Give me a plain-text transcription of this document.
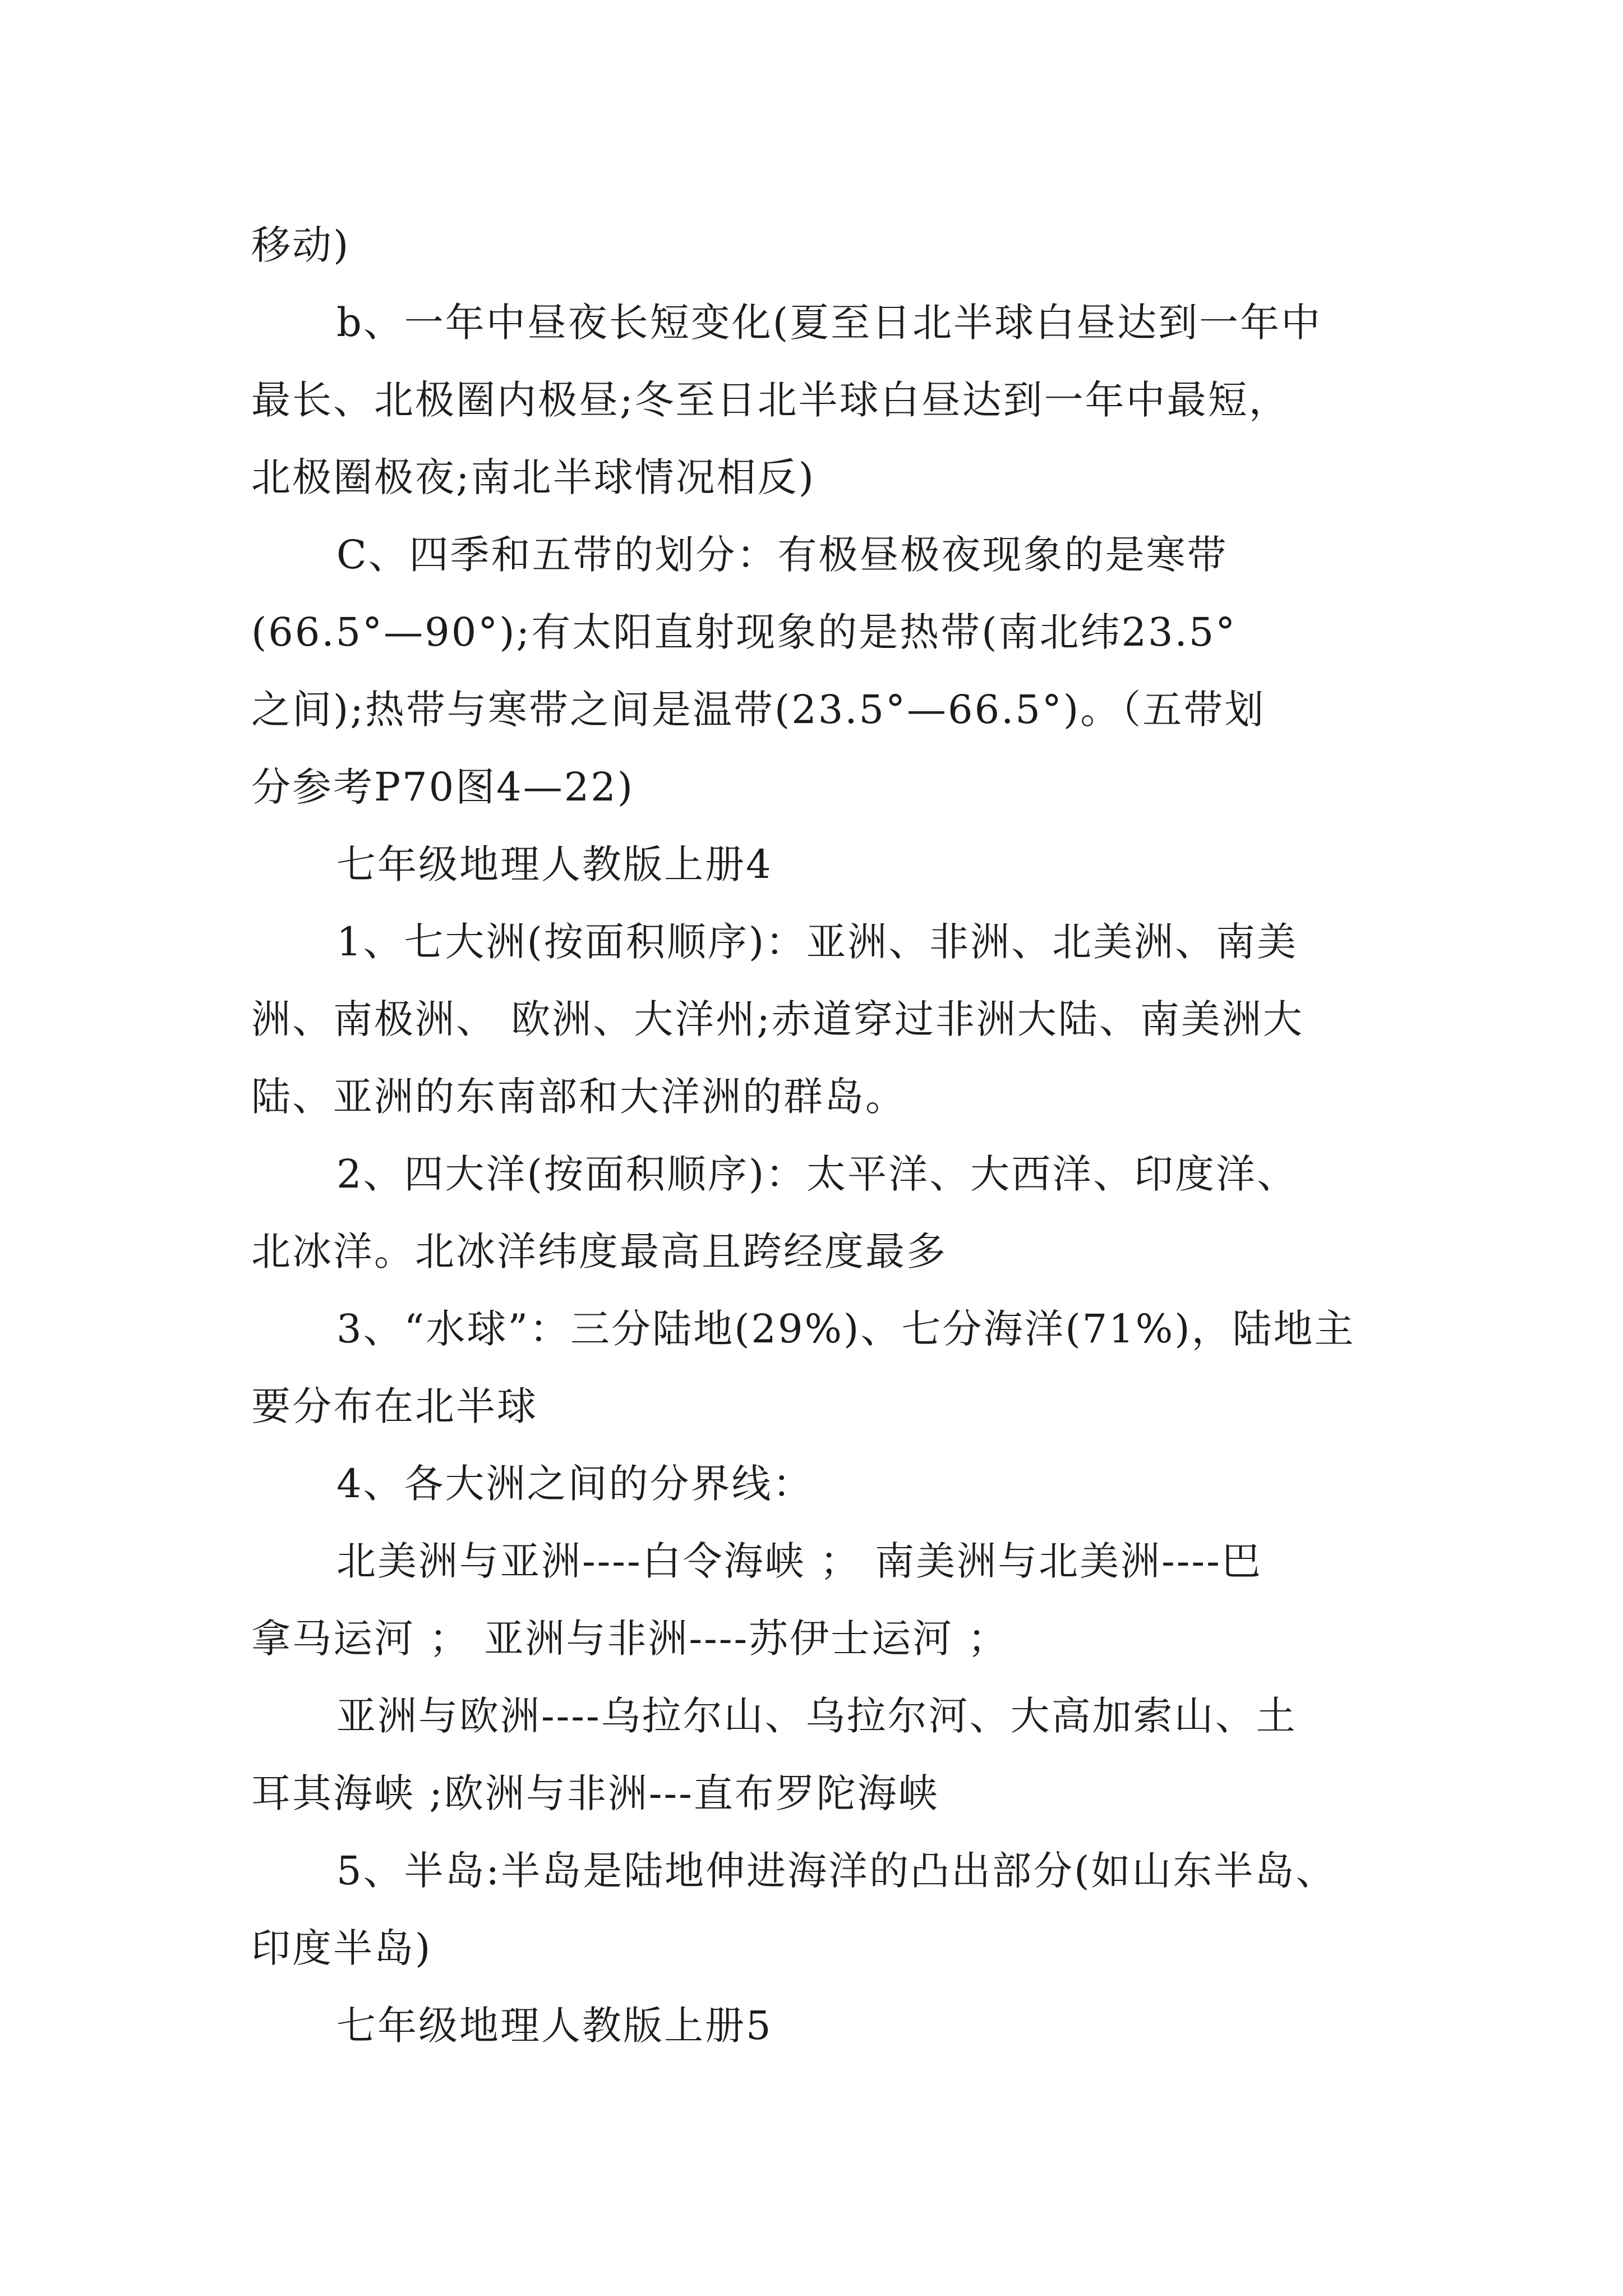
移动)

b、一年中昼夜长短变化(夏至日北半球白昼达到一年中

最长、北极圈内极昼;冬至日北半球白昼达到一年中最短，

北极圈极夜;南北半球情况相反)

C、四季和五带的划分：有极昼极夜现象的是寒带

(66.5°—90°);有太阳直射现象的是热带(南北纬23.5°

之间);热带与寒带之间是温带(23.5°—66.5°)。（五带划

分参考P70图4—22)

七年级地理人教版上册4

1、七大洲(按面积顺序)：亚洲、非洲、北美洲、南美

洲、南极洲、 欧洲、大洋州;赤道穿过非洲大陆、南美洲大

陆、亚洲的东南部和大洋洲的群岛。

2、四大洋(按面积顺序)：太平洋、大西洋、印度洋、

北冰洋。北冰洋纬度最高且跨经度最多

3、“水球”：三分陆地(29%)、七分海洋(71%)，陆地主

要分布在北半球

4、各大洲之间的分界线：

北美洲与亚洲----白令海峡 ； 南美洲与北美洲----巴

拿马运河 ； 亚洲与非洲----苏伊士运河 ；

亚洲与欧洲----乌拉尔山、乌拉尔河、大高加索山、土

耳其海峡 ;欧洲与非洲---直布罗陀海峡

5、半岛:半岛是陆地伸进海洋的凸出部分(如山东半岛、

印度半岛)

七年级地理人教版上册5
